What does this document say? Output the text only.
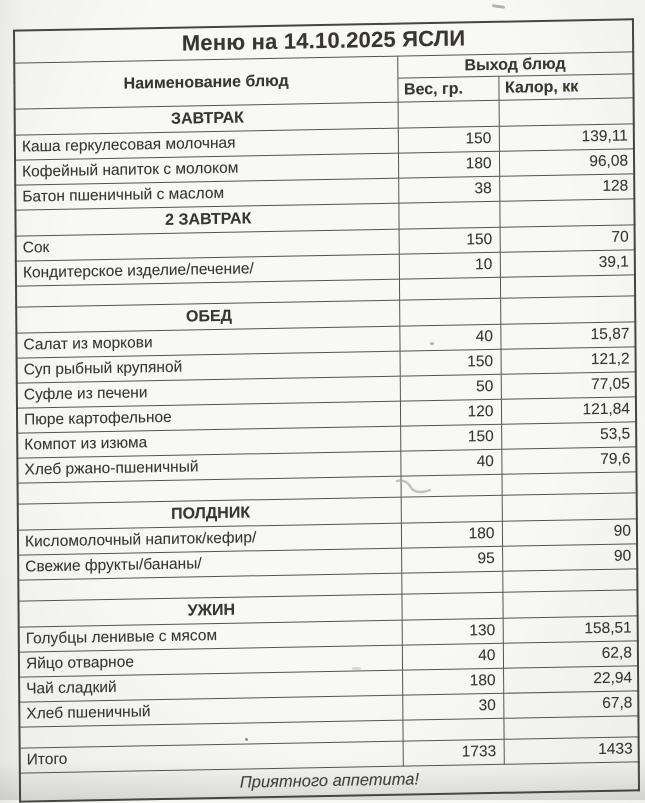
Меню на 14.10.2025 ЯСЛИ		
Наименование блюд	Выход блюд	
	Вес, гр.	Калор, кк
ЗАВТРАК		
Каша геркулесовая молочная	150	139,11
Кофейный напиток с молоком	180	96,08
Батон пшеничный с маслом	38	128
2 ЗАВТРАК		
Сок	150	70
Кондитерское изделие/печение/	10	39,1

ОБЕД		
Салат из моркови	40	15,87
Суп рыбный крупяной	150	121,2
Суфле из печени	50	77,05
Пюре картофельное	120	121,84
Компот из изюма	150	53,5
Хлеб ржано-пшеничный	40	79,6

ПОЛДНИК		
Кисломолочный напиток/кефир/	180	90
Свежие фрукты/бананы/	95	90

УЖИН		
Голубцы ленивые с мясом	130	158,51
Яйцо отварное	40	62,8
Чай сладкий	180	22,94
Хлеб пшеничный	30	67,8

Итого	1733	1433
Приятного аппетита!		
